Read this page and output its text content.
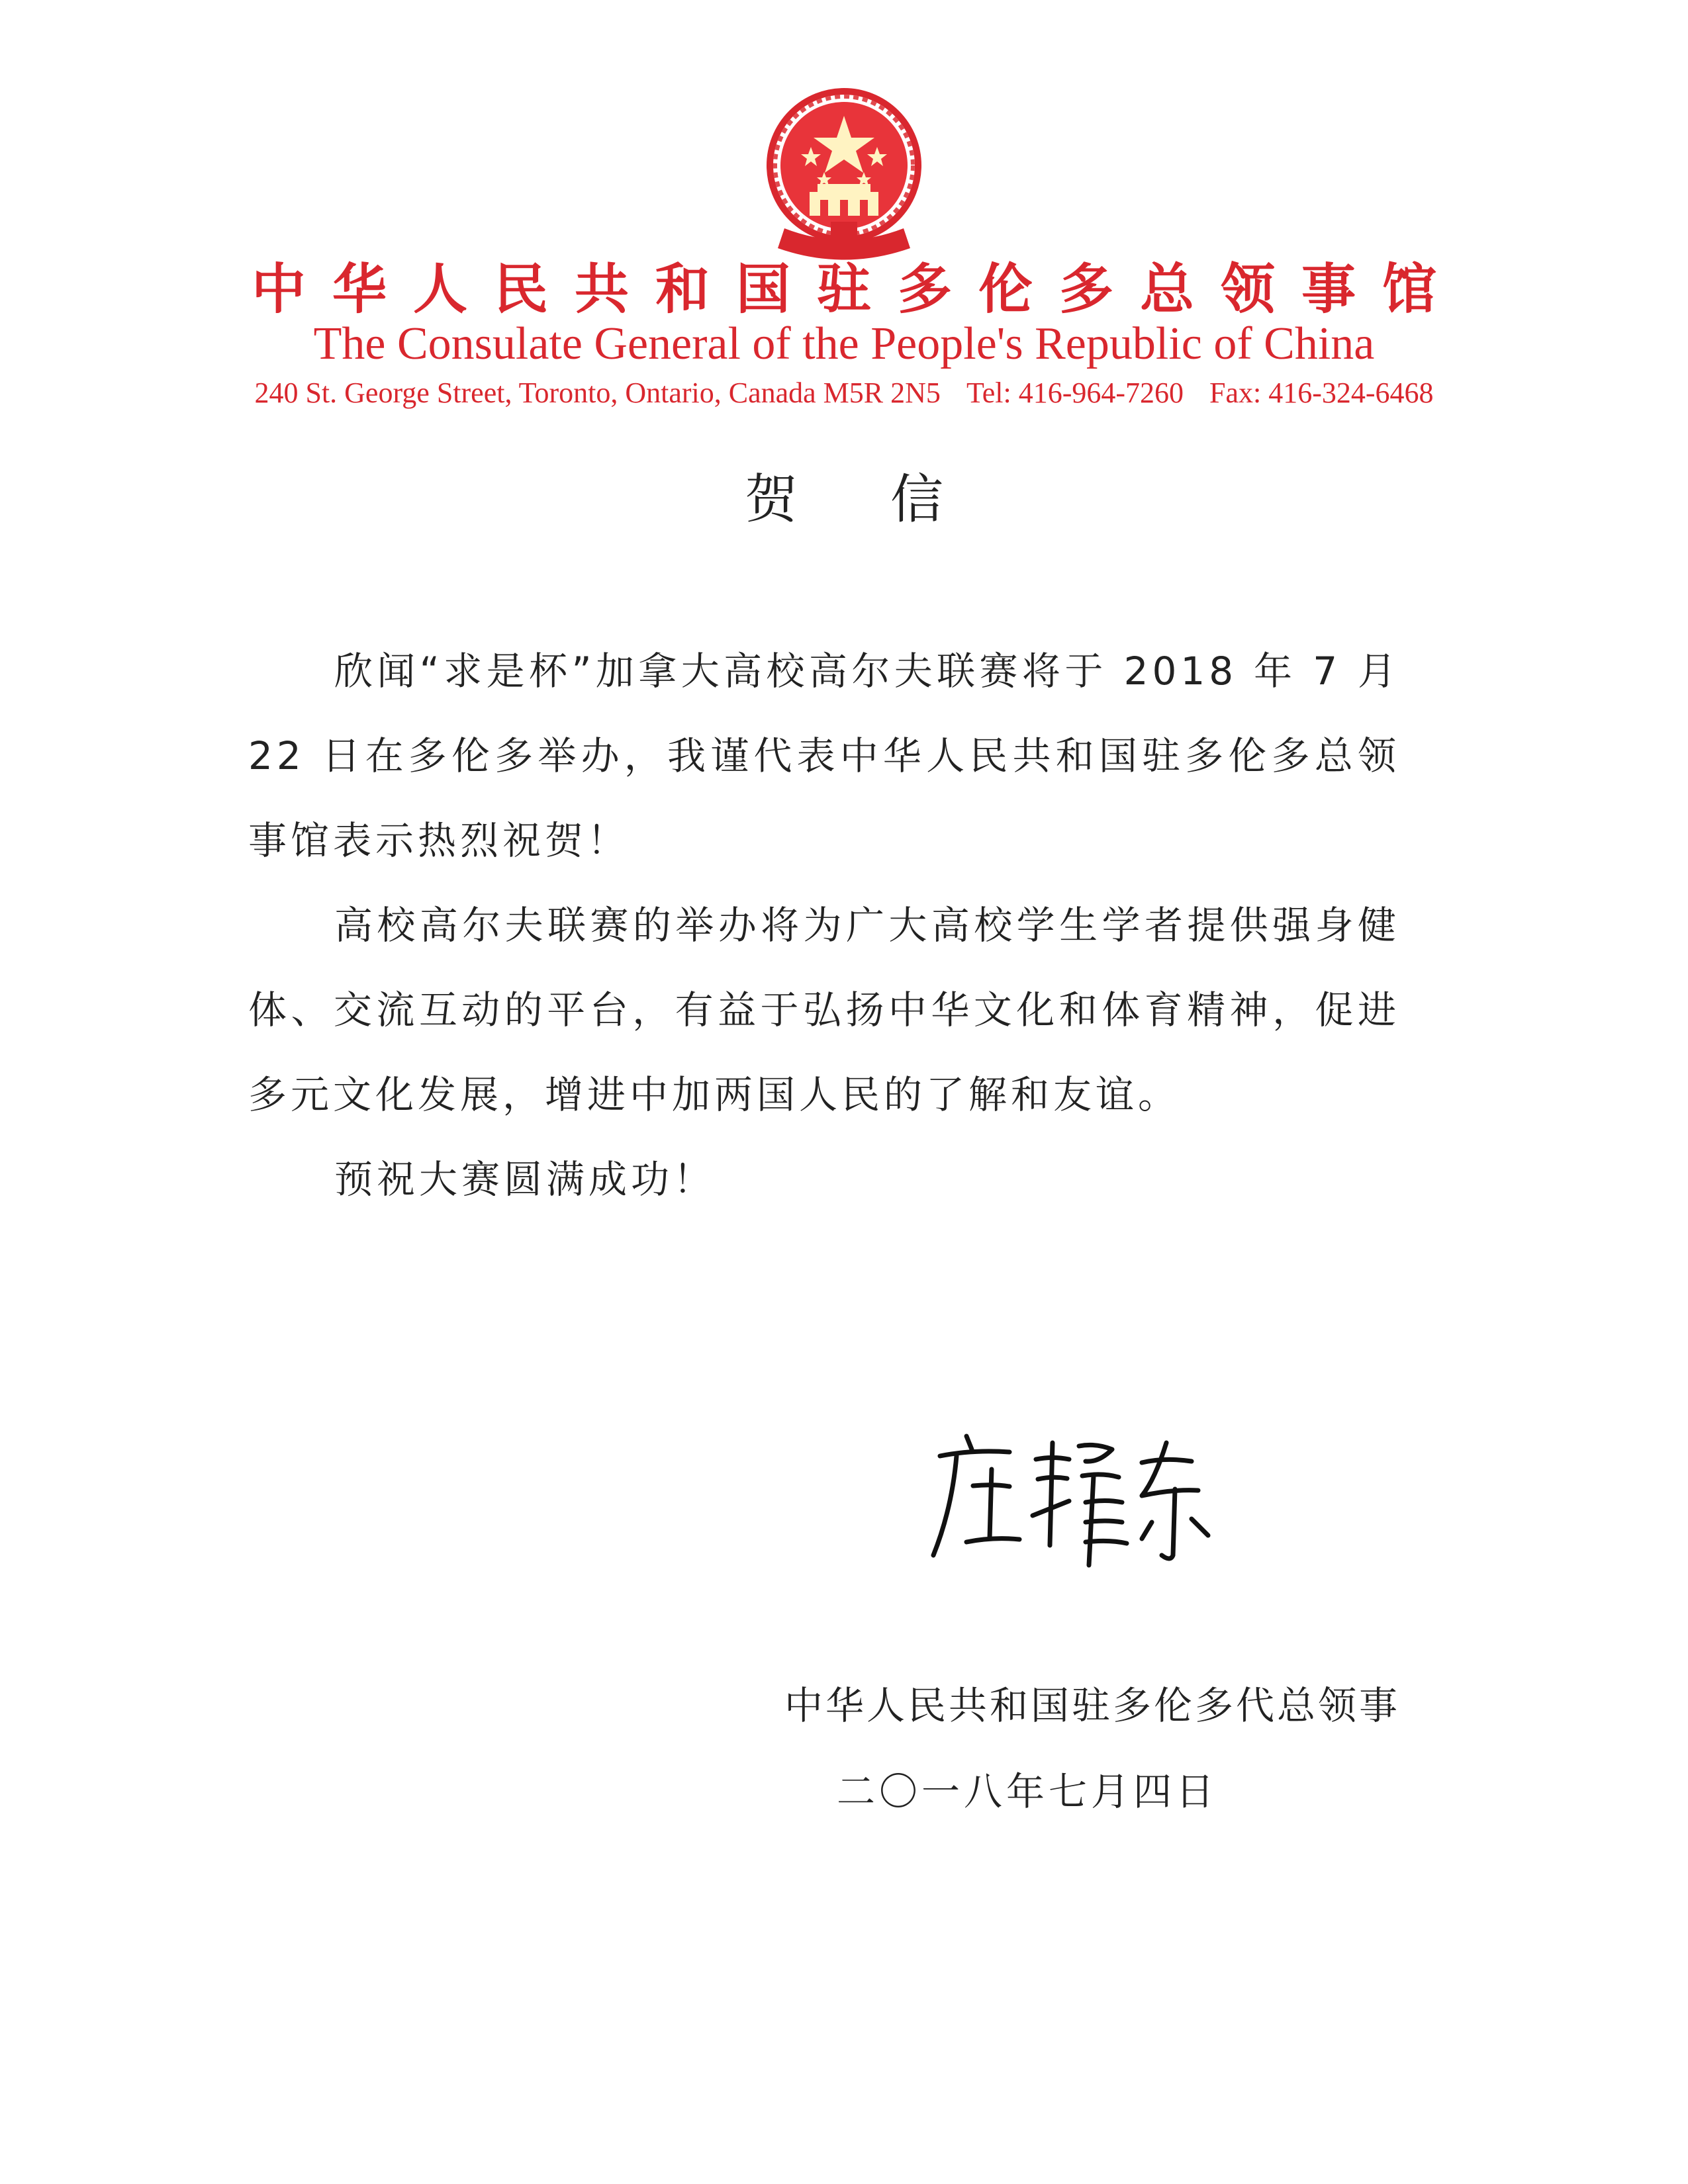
中华人民共和国驻多伦多总领事馆
The Consulate General of the People's Republic of China
240 St. George Street, Toronto, Ontario, Canada M5R 2N5 Tel: 416-964-7260 Fax: 416-324-6468
贺信

欣闻“求是杯”加拿大高校高尔夫联赛将于 2018 年 7 月 22 日在多伦多举办，我谨代表中华人民共和国驻多伦多总领事馆表示热烈祝贺！

高校高尔夫联赛的举办将为广大高校学生学者提供强身健体、交流互动的平台，有益于弘扬中华文化和体育精神，促进多元文化发展，增进中加两国人民的了解和友谊。

预祝大赛圆满成功！

中华人民共和国驻多伦多代总领事
二〇一八年七月四日
